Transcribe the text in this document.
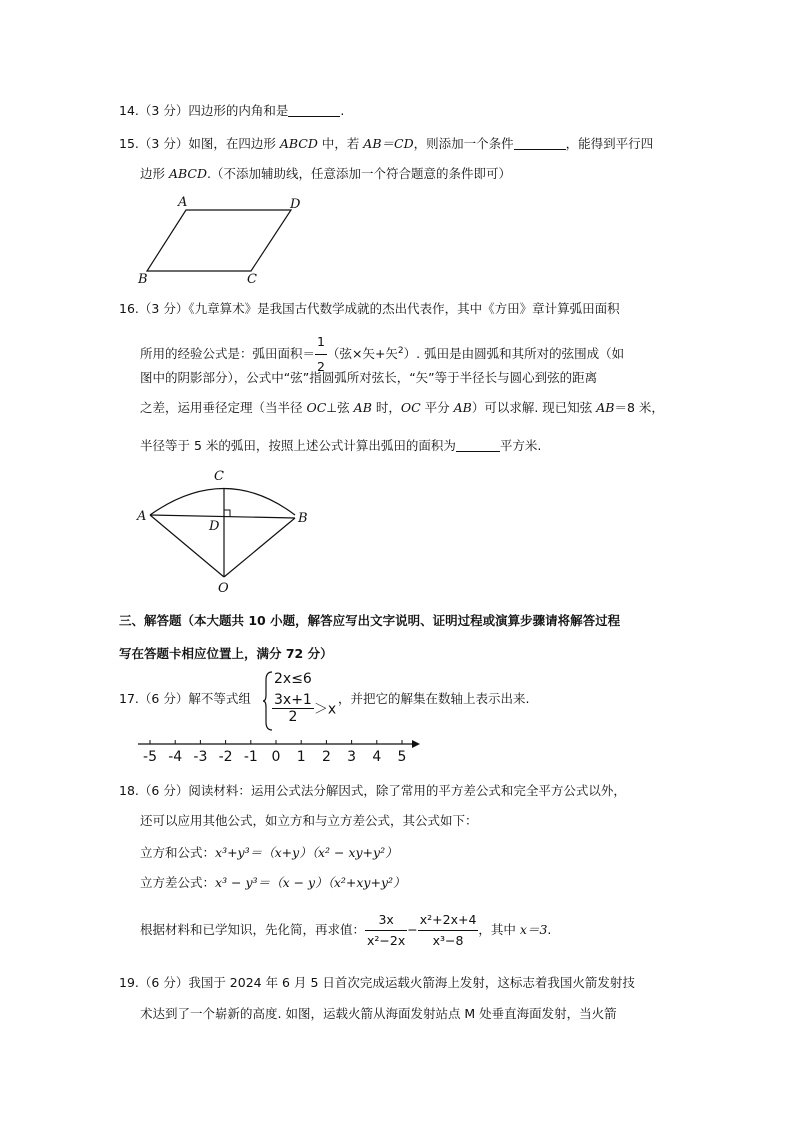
14.（3 分）四边形的内角和是	.
15.（3 分）如图，在四边形 ABCD 中，若 AB＝CD，则添加一个条件	，能得到平行四
边形 ABCD.（不添加辅助线，任意添加一个符合题意的条件即可）
A	D
B	C
16.（3 分）《九章算术》是我国古代数学成就的杰出代表作，其中《方田》章计算弧田面积
所用的经验公式是：弧田面积＝ $\frac{1}{2}$ （弦×矢+矢$^2$）. 弧田是由圆弧和其所对的弦围成（如
图中的阴影部分），公式中“弦”指圆弧所对弦长，“矢”等于半径长与圆心到弦的距离
之差，运用垂径定理（当半径 OC⊥弦 AB 时，OC 平分 AB）可以求解. 现已知弦 AB＝8 米，
半径等于 5 米的弧田，按照上述公式计算出弧田的面积为	平方米.
C
A	B
D
O
三、解答题（本大题共 10 小题，解答应写出文字说明、证明过程或演算步骤请将解答过程
写在答题卡相应位置上，满分 72 分）
17.（6 分）解不等式组
2x≤6
$\frac{3x+1}{2} >x$
，并把它的解集在数轴上表示出来.
-5 -4 -3 -2 -1 0 1 2 3 4 5
18.（6 分）阅读材料：运用公式法分解因式，除了常用的平方差公式和完全平方公式以外，
还可以应用其他公式，如立方和与立方差公式，其公式如下：
立方和公式：x³+y³＝（x+y）（x² − xy+y²）
立方差公式：x³ − y³＝（x − y）（x²+xy+y²）
根据材料和已学知识，先化简，再求值： $\frac{3x}{\text{x²−2x}} - \frac{\text{x²+2x+4}}{\text{x³−8}}$ ，其中 x＝3.
19.（6 分）我国于 2024 年 6 月 5 日首次完成运载火箭海上发射，这标志着我国火箭发射技
术达到了一个崭新的高度. 如图，运载火箭从海面发射站点 M 处垂直海面发射，当火箭
